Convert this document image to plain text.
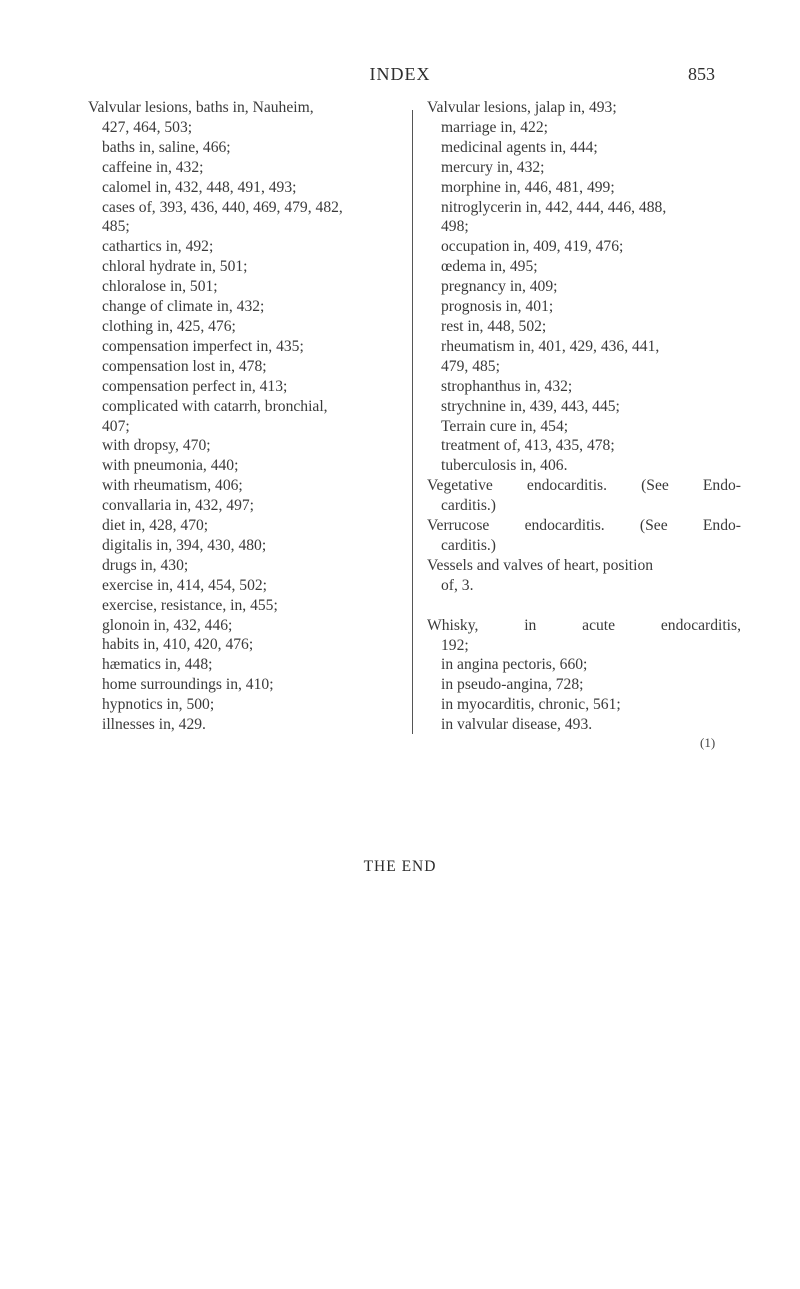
INDEX	853

Valvular lesions, baths in, Nauheim,

427, 464, 503;

baths in, saline, 466;

caffeine in, 432;

calomel in, 432, 448, 491, 493;

cases of, 393, 436, 440, 469, 479, 482,

485;

cathartics in, 492;

chloral hydrate in, 501;

chloralose in, 501;

change of climate in, 432;

clothing in, 425, 476;

compensation imperfect in, 435;

compensation lost in, 478;

compensation perfect in, 413;

complicated with catarrh, bronchial,

407;

with dropsy, 470;

with pneumonia, 440;

with rheumatism, 406;

convallaria in, 432, 497;

diet in, 428, 470;

digitalis in, 394, 430, 480;

drugs in, 430;

exercise in, 414, 454, 502;

exercise, resistance, in, 455;

glonoin in, 432, 446;

habits in, 410, 420, 476;

hæmatics in, 448;

home surroundings in, 410;

hypnotics in, 500;

illnesses in, 429.

Valvular lesions, jalap in, 493;

marriage in, 422;

medicinal agents in, 444;

mercury in, 432;

morphine in, 446, 481, 499;

nitroglycerin in, 442, 444, 446, 488,

498;

occupation in, 409, 419, 476;

œdema in, 495;

pregnancy in, 409;

prognosis in, 401;

rest in, 448, 502;

rheumatism in, 401, 429, 436, 441,

479, 485;

strophanthus in, 432;

strychnine in, 439, 443, 445;

Terrain cure in, 454;

treatment of, 413, 435, 478;

tuberculosis in, 406.

Vegetative endocarditis. (See Endo-

carditis.)

Verrucose endocarditis. (See Endo-

carditis.)

Vessels and valves of heart, position

of, 3.

Whisky, in acute endocarditis,

192;

in angina pectoris, 660;

in pseudo-angina, 728;

in myocarditis, chronic, 561;

in valvular disease, 493.

(1)
THE END
